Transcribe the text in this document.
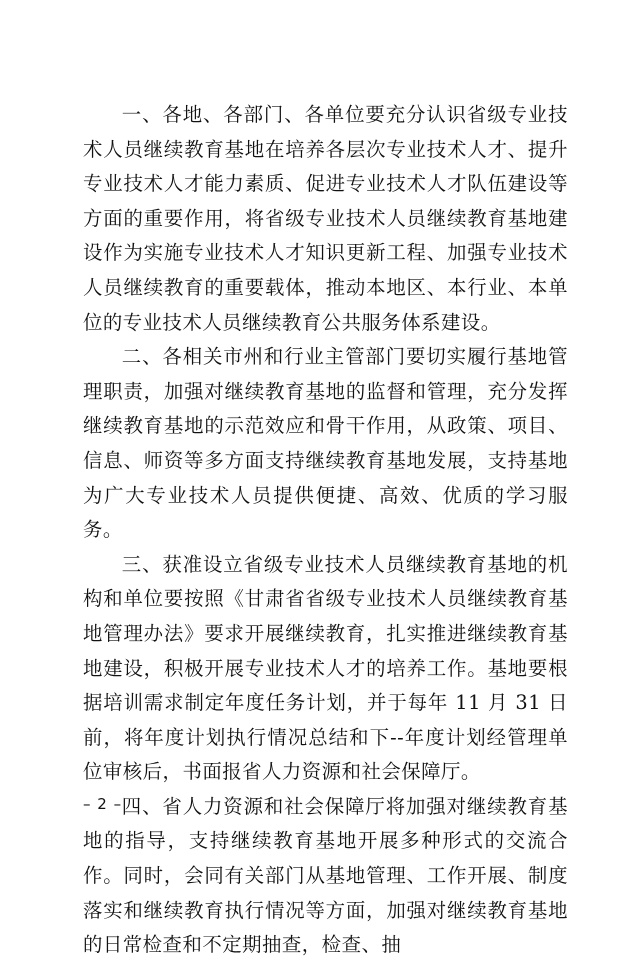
一、各地、各部门、各单位要充分认识省级专业技术人员继续教育基地在培养各层次专业技术人才、提升专业技术人才能力素质、促进专业技术人才队伍建设等方面的重要作用，将省级专业技术人员继续教育基地建设作为实施专业技术人才知识更新工程、加强专业技术人员继续教育的重要载体，推动本地区、本行业、本单位的专业技术人员继续教育公共服务体系建设。

二、各相关市州和行业主管部门要切实履行基地管理职责，加强对继续教育基地的监督和管理，充分发挥继续教育基地的示范效应和骨干作用，从政策、项目、信息、师资等多方面支持继续教育基地发展，支持基地为广大专业技术人员提供便捷、高效、优质的学习服务。

三、获准设立省级专业技术人员继续教育基地的机构和单位要按照《甘肃省省级专业技术人员继续教育基地管理办法》要求开展继续教育，扎实推进继续教育基地建设，积极开展专业技术人才的培养工作。基地要根据培训需求制定年度任务计划，并于每年 11 月 31 日前，将年度计划执行情况总结和下--年度计划经管理单位审核后，书面报省人力资源和社会保障厅。

四、省人力资源和社会保障厅将加强对继续教育基地的指导，支持继续教育基地开展多种形式的交流合作。同时，会同有关部门从基地管理、工作开展、制度落实和继续教育执行情况等方面，加强对继续教育基地的日常检查和不定期抽查，检查、抽

– 2 –
